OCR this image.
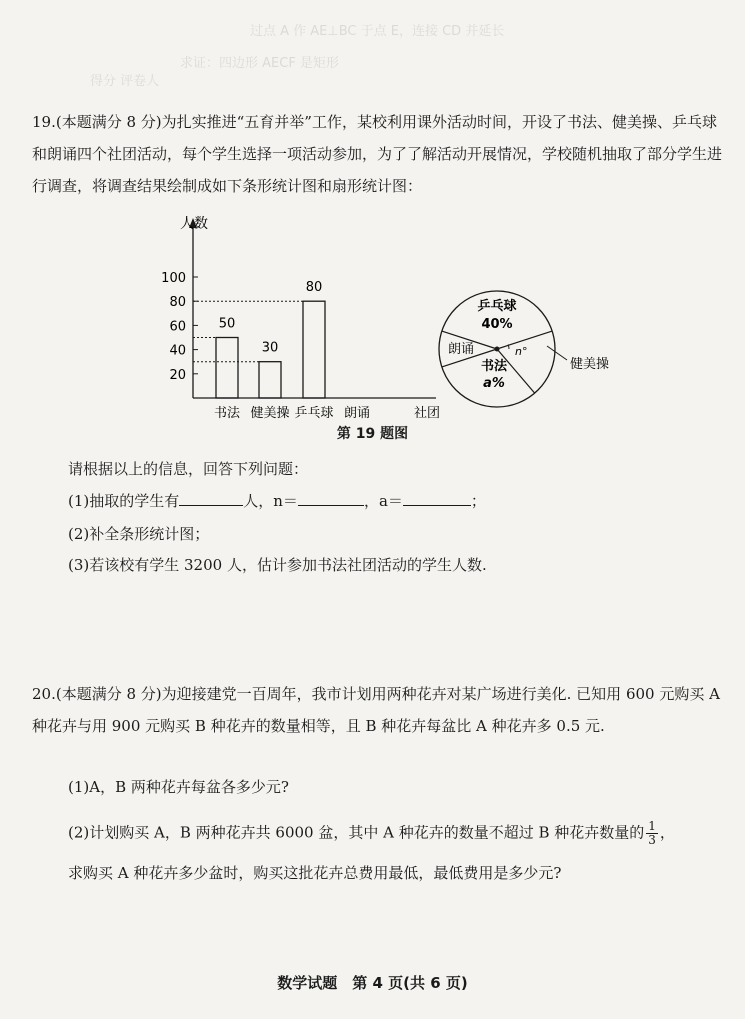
过点 A 作 AE⊥BC 于点 E，连接 CD 并延长
求证：四边形 AECF 是矩形
得分 评卷人
19.(本题满分 8 分)为扎实推进“五育并举”工作，某校利用课外活动时间，开设了书法、健美操、乒乓球和朗诵四个社团活动，每个学生选择一项活动参加，为了了解活动开展情况，学校随机抽取了部分学生进行调查，将调查结果绘制成如下条形统计图和扇形统计图：
人数
20
40
60
80
100
50
30
80
书法 健美操 乒乓球 朗诵	社团
乒乓球
40%
健美操
n°
书法
a%
朗诵
第 19 题图
请根据以上的信息，回答下列问题：
(1)抽取的学生有	人，n＝	，a＝	；
(2)补全条形统计图；
(3)若该校有学生 3200 人，估计参加书法社团活动的学生人数.
20.(本题满分 8 分)为迎接建党一百周年，我市计划用两种花卉对某广场进行美化. 已知用 600 元购买 A 种花卉与用 900 元购买 B 种花卉的数量相等，且 B 种花卉每盆比 A 种花卉多 0.5 元.
(1)A，B 两种花卉每盆各多少元?
(2)计划购买 A，B 两种花卉共 6000 盆，其中 A 种花卉的数量不超过 B 种花卉数量的 $\frac{1}{3}$ ，
求购买 A 种花卉多少盆时，购买这批花卉总费用最低，最低费用是多少元?
数学试题　第 4 页(共 6 页)
